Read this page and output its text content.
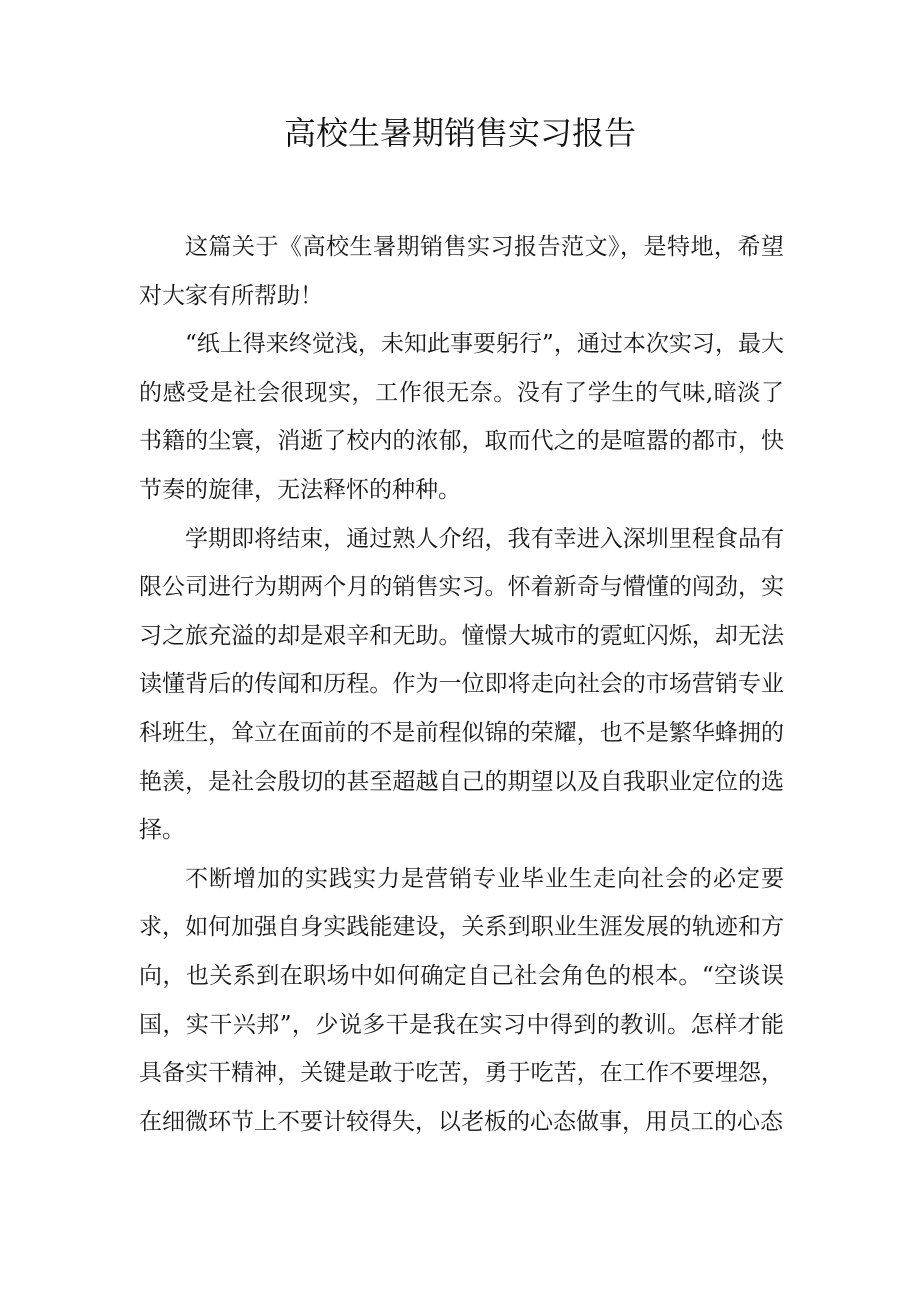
高校生暑期销售实习报告

这篇关于《高校生暑期销售实习报告范文》，是特地，希望对大家有所帮助！

“纸上得来终觉浅，未知此事要躬行”，通过本次实习，最大的感受是社会很现实，工作很无奈。没有了学生的气味,暗淡了书籍的尘寰，消逝了校内的浓郁，取而代之的是喧嚣的都市，快节奏的旋律，无法释怀的种种。

学期即将结束，通过熟人介绍，我有幸进入深圳里程食品有限公司进行为期两个月的销售实习。怀着新奇与懵懂的闯劲，实习之旅充溢的却是艰辛和无助。憧憬大城市的霓虹闪烁，却无法读懂背后的传闻和历程。作为一位即将走向社会的市场营销专业科班生，耸立在面前的不是前程似锦的荣耀，也不是繁华蜂拥的艳羡，是社会殷切的甚至超越自己的期望以及自我职业定位的选择。

不断增加的实践实力是营销专业毕业生走向社会的必定要求，如何加强自身实践能建设，关系到职业生涯发展的轨迹和方向，也关系到在职场中如何确定自己社会角色的根本。“空谈误国，实干兴邦”，少说多干是我在实习中得到的教训。怎样才能具备实干精神，关键是敢于吃苦，勇于吃苦，在工作不要埋怨，在细微环节上不要计较得失，以老板的心态做事，用员工的心态
